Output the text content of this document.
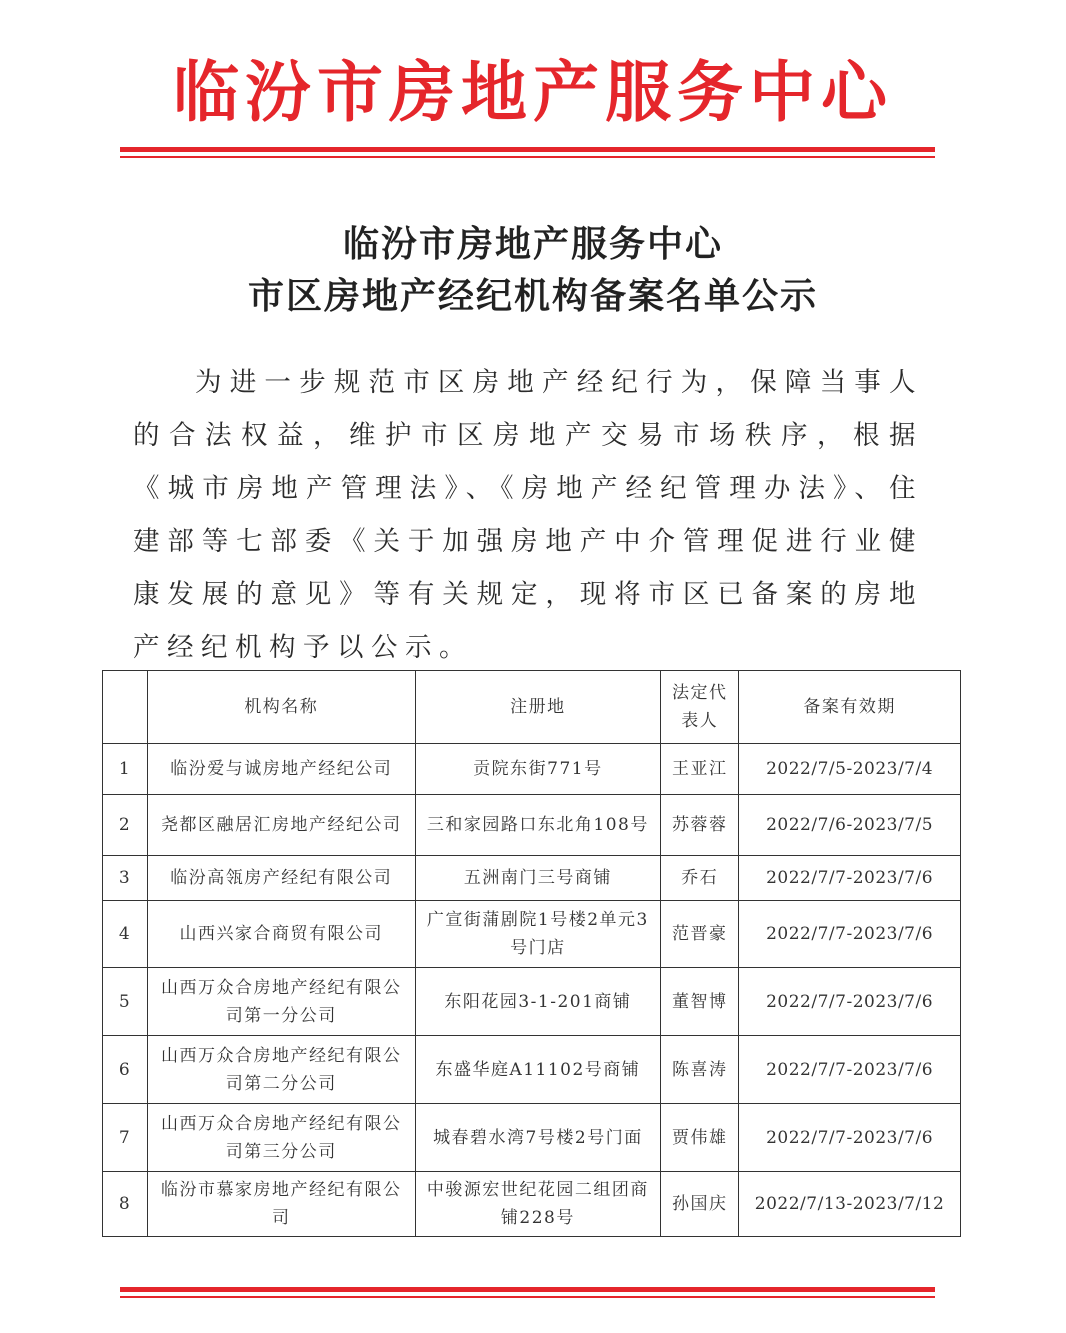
临汾市房地产服务中心
临汾市房地产服务中心
市区房地产经纪机构备案名单公示
为进一步规范市区房地产经纪行为，保障当事人的合法权益，维护市区房地产交易市场秩序，根据《城市房地产管理法》、《房地产经纪管理办法》、住建部等七部委《关于加强房地产中介管理促进行业健康发展的意见》等有关规定，现将市区已备案的房地产经纪机构予以公示。
	机构名称	注册地	法定代表人	备案有效期
1	临汾爱与诚房地产经纪公司	贡院东街771号	王亚江	2022/7/5-2023/7/4
2	尧都区融居汇房地产经纪公司	三和家园路口东北角108号	苏蓉蓉	2022/7/6-2023/7/5
3	临汾高瓴房产经纪有限公司	五洲南门三号商铺	乔石	2022/7/7-2023/7/6
4	山西兴家合商贸有限公司	广宣街蒲剧院1号楼2单元3号门店	范晋豪	2022/7/7-2023/7/6
5	山西万众合房地产经纪有限公司第一分公司	东阳花园3-1-201商铺	董智博	2022/7/7-2023/7/6
6	山西万众合房地产经纪有限公司第二分公司	东盛华庭A11102号商铺	陈喜涛	2022/7/7-2023/7/6
7	山西万众合房地产经纪有限公司第三分公司	城春碧水湾7号楼2号门面	贾伟雄	2022/7/7-2023/7/6
8	临汾市慕家房地产经纪有限公司	中骏源宏世纪花园二组团商铺228号	孙国庆	2022/7/13-2023/7/12
